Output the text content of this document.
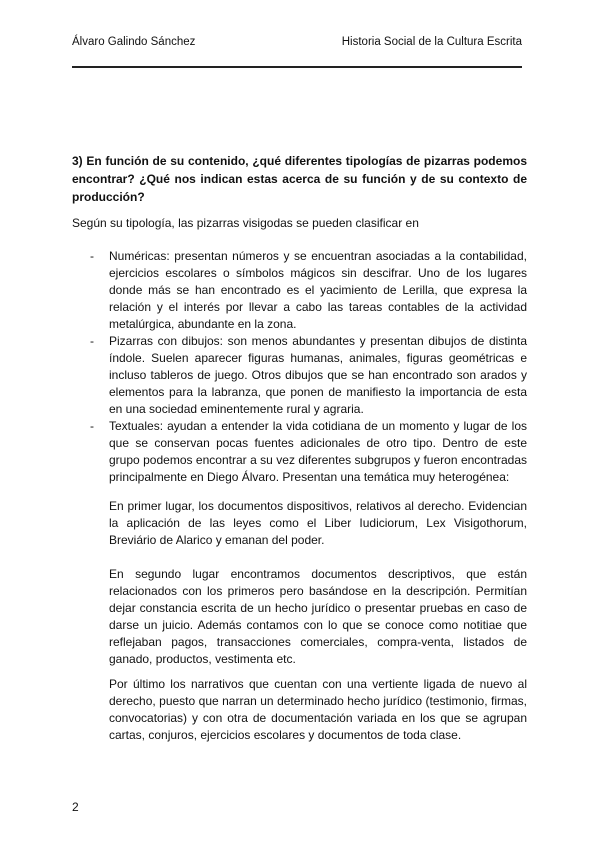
Álvaro Galindo Sánchez	Historia Social de la Cultura Escrita
3) En función de su contenido, ¿qué diferentes tipologías de pizarras podemos encontrar? ¿Qué nos indican estas acerca de su función y de su contexto de producción?
Según su tipología, las pizarras visigodas se pueden clasificar en
- Numéricas: presentan números y se encuentran asociadas a la contabilidad, ejercicios escolares o símbolos mágicos sin descifrar. Uno de los lugares donde más se han encontrado es el yacimiento de Lerilla, que expresa la relación y el interés por llevar a cabo las tareas contables de la actividad metalúrgica, abundante en la zona.
- Pizarras con dibujos: son menos abundantes y presentan dibujos de distinta índole. Suelen aparecer figuras humanas, animales, figuras geométricas e incluso tableros de juego. Otros dibujos que se han encontrado son arados y elementos para la labranza, que ponen de manifiesto la importancia de esta en una sociedad eminentemente rural y agraria.
- Textuales: ayudan a entender la vida cotidiana de un momento y lugar de los que se conservan pocas fuentes adicionales de otro tipo. Dentro de este grupo podemos encontrar a su vez diferentes subgrupos y fueron encontradas principalmente en Diego Álvaro. Presentan una temática muy heterogénea:
En primer lugar, los documentos dispositivos, relativos al derecho. Evidencian la aplicación de las leyes como el Liber Iudiciorum, Lex Visigothorum, Breviário de Alarico y emanan del poder.
En segundo lugar encontramos documentos descriptivos, que están relacionados con los primeros pero basándose en la descripción. Permitían dejar constancia escrita de un hecho jurídico o presentar pruebas en caso de darse un juicio. Además contamos con lo que se conoce como notitiae que reflejaban pagos, transacciones comerciales, compra-venta, listados de ganado, productos, vestimenta etc.
Por último los narrativos que cuentan con una vertiente ligada de nuevo al derecho, puesto que narran un determinado hecho jurídico (testimonio, firmas, convocatorias) y con otra de documentación variada en los que se agrupan cartas, conjuros, ejercicios escolares y documentos de toda clase.
2
